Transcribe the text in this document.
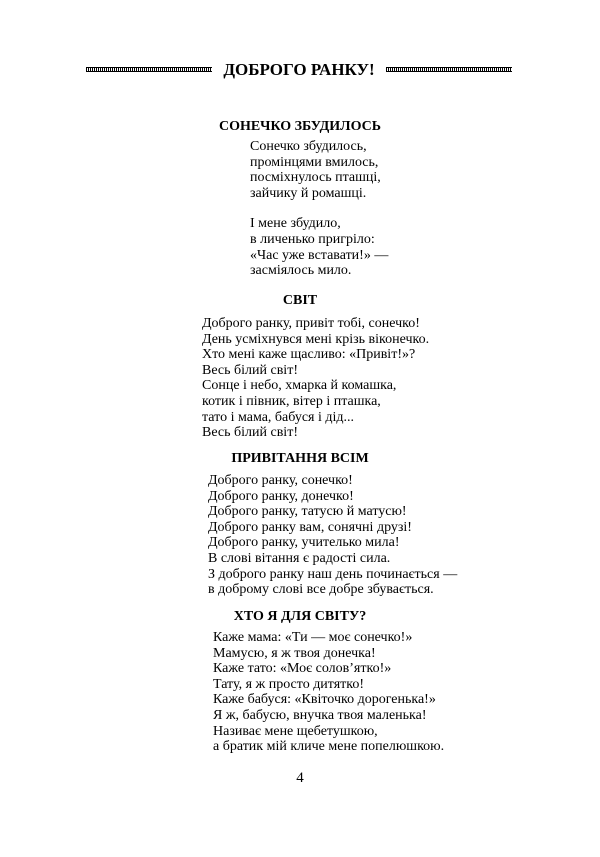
ДОБРОГО РАНКУ!
СОНЕЧКО ЗБУДИЛОСЬ
Сонечко збудилось,
промінцями вмилось,
посміхнулось пташці,
зайчику й ромашці.
І мене збудило,
в личенько пригріло:
«Час уже вставати!» —
засміялось мило.
СВІТ
Доброго ранку, привіт тобі, сонечко!
День усміхнувся мені крізь віконечко.
Хто мені каже щасливо: «Привіт!»?
Весь білий світ!
Сонце і небо, хмарка й комашка,
котик і півник, вітер і пташка,
тато і мама, бабуся і дід...
Весь білий світ!
ПРИВІТАННЯ ВСІМ
Доброго ранку, сонечко!
Доброго ранку, донечко!
Доброго ранку, татусю й матусю!
Доброго ранку вам, сонячні друзі!
Доброго ранку, учителько мила!
В слові вітання є радості сила.
З доброго ранку наш день починається —
в доброму слові все добре збувається.
ХТО Я ДЛЯ СВІТУ?
Каже мама: «Ти — моє сонечко!»
Мамусю, я ж твоя донечка!
Каже тато: «Моє солов’ятко!»
Тату, я ж просто дитятко!
Каже бабуся: «Квіточко дорогенька!»
Я ж, бабусю, внучка твоя маленька!
Називає мене щебетушкою,
а братик мій кличе мене попелюшкою.
4
